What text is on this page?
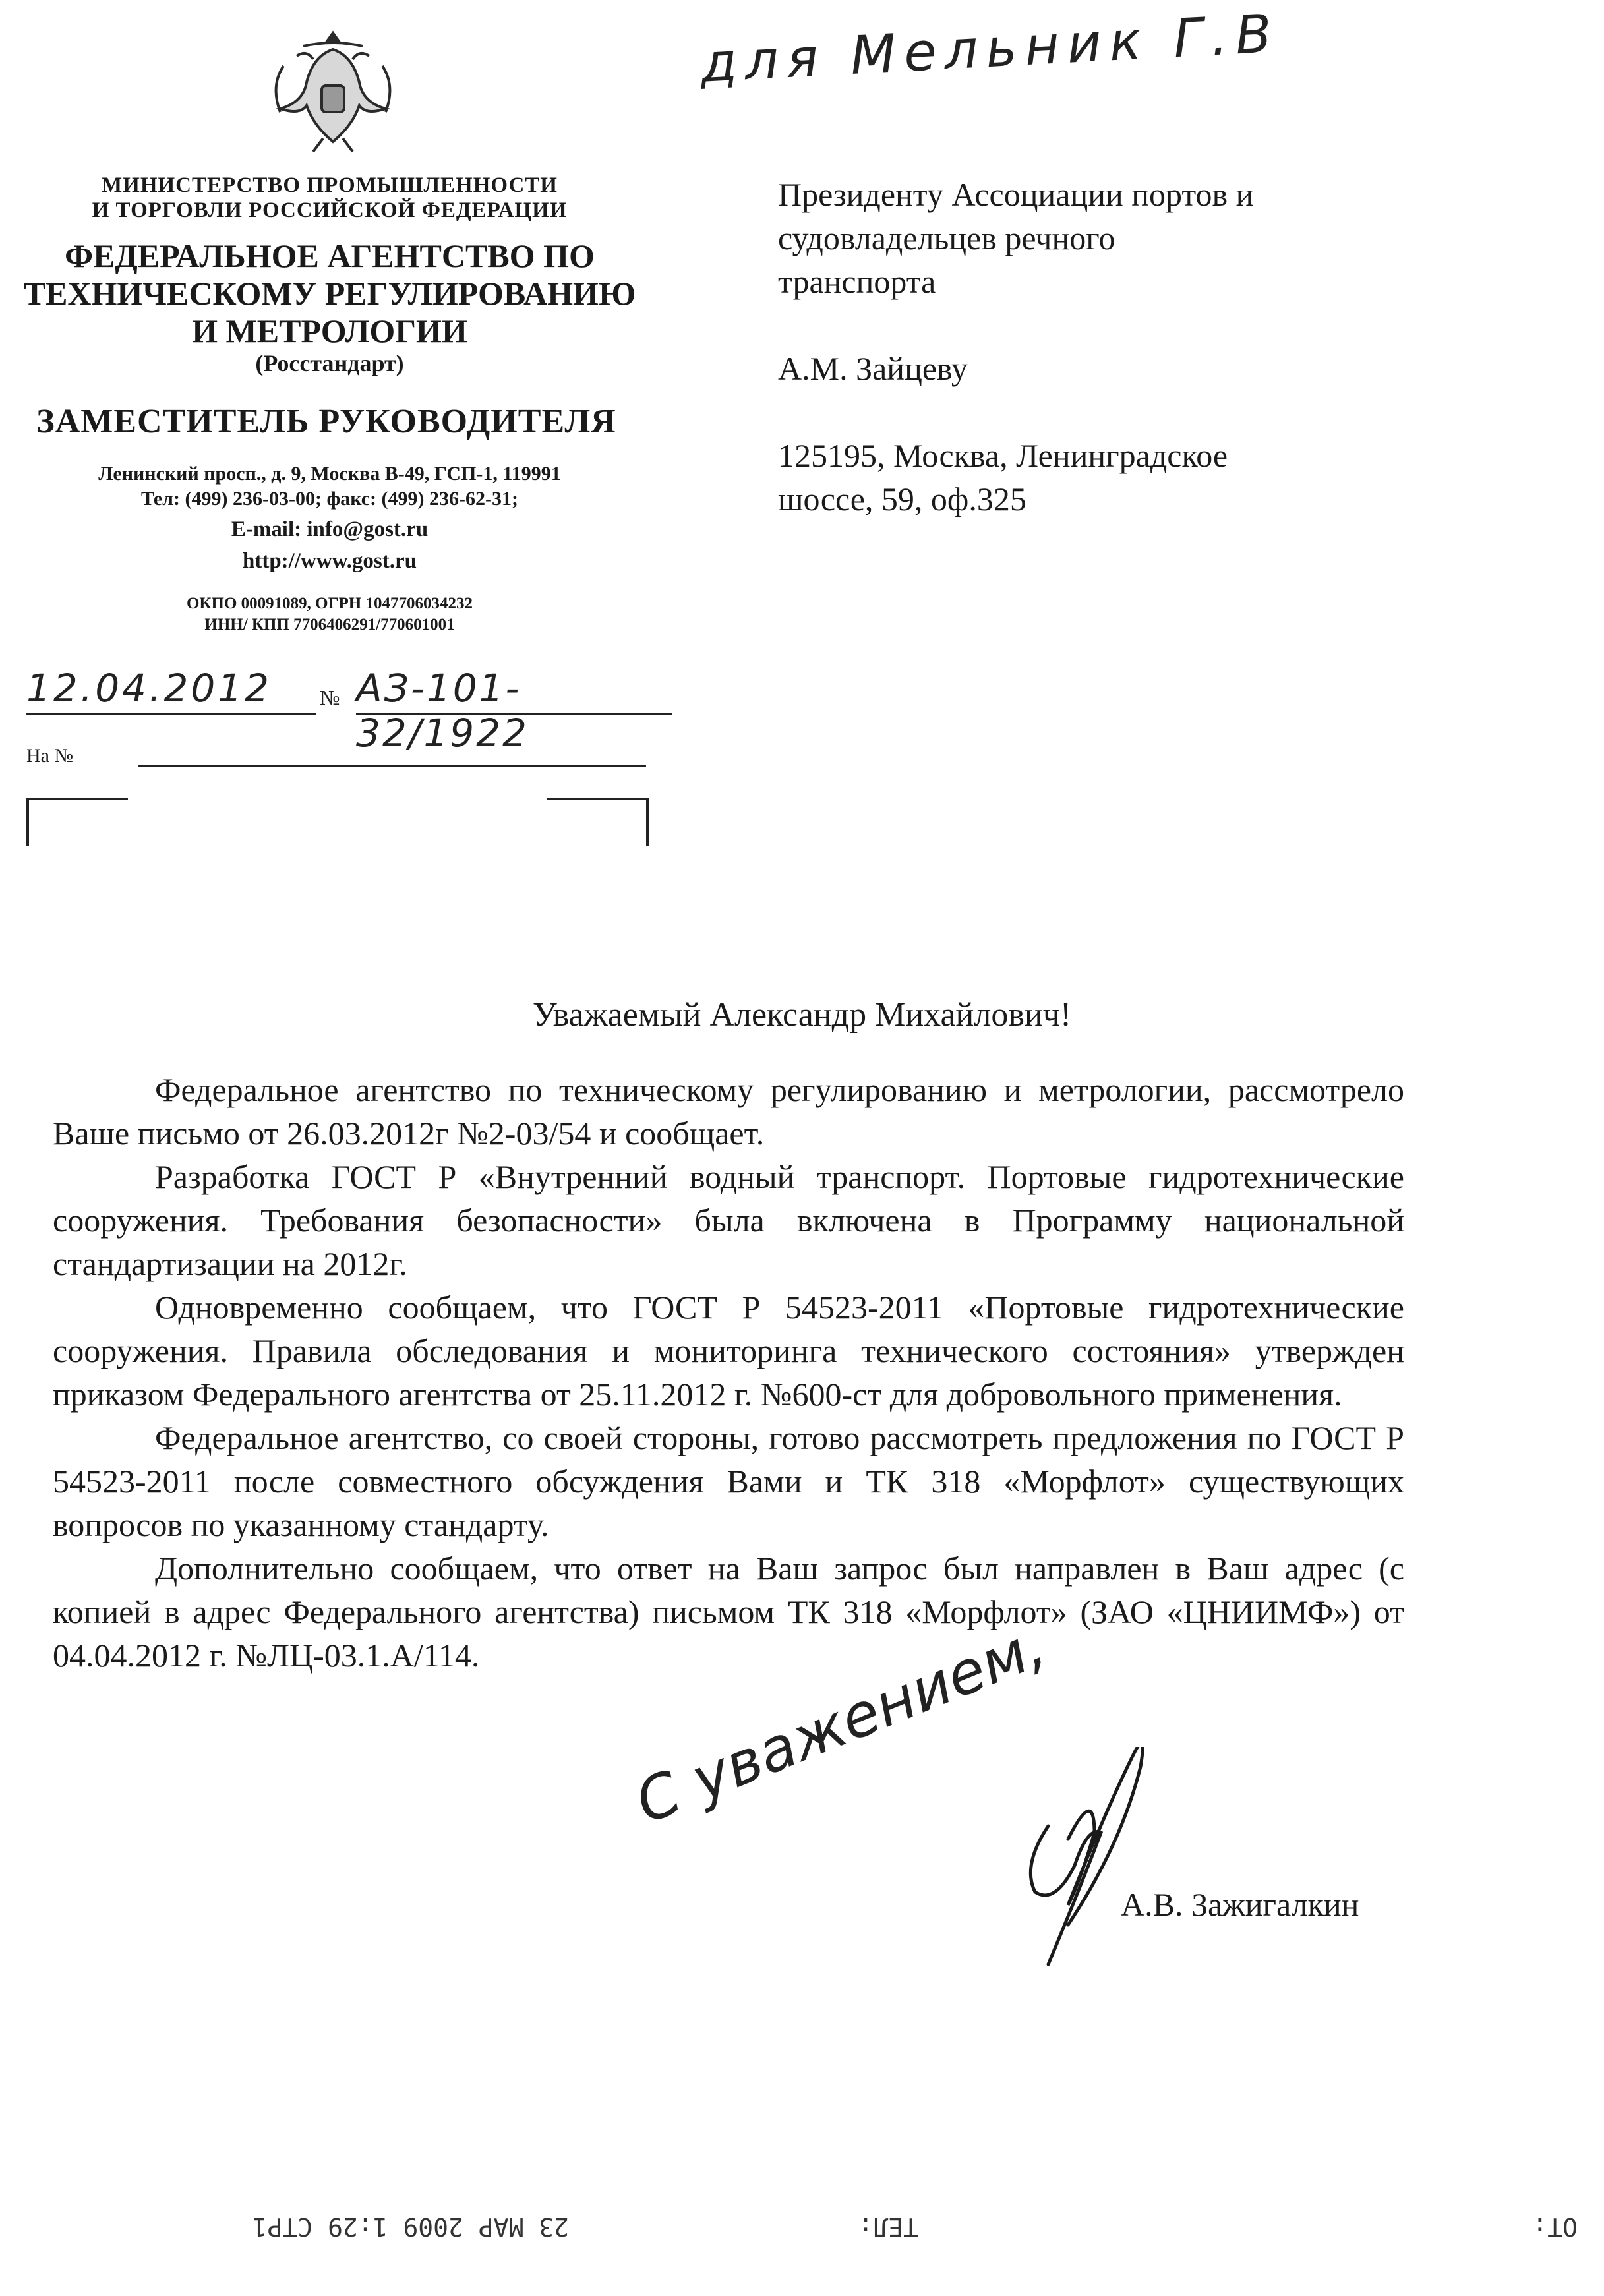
МИНИСТЕРСТВО ПРОМЫШЛЕННОСТИ
И ТОРГОВЛИ РОССИЙСКОЙ ФЕДЕРАЦИИ
ФЕДЕРАЛЬНОЕ АГЕНТСТВО ПО
ТЕХНИЧЕСКОМУ РЕГУЛИРОВАНИЮ
И МЕТРОЛОГИИ
(Росстандарт)
ЗАМЕСТИТЕЛЬ РУКОВОДИТЕЛЯ
Ленинский просп., д. 9, Москва В-49, ГСП-1, 119991
Тел: (499) 236-03-00; факс: (499) 236-62-31;
E-mail: info@gost.ru
http://www.gost.ru
ОКПО 00091089, ОГРН 1047706034232
ИНН/ КПП 7706406291/770601001
12.04.2012 № АЗ-101-32/1922
На №
для Мельник Г.В

Президенту Ассоциации портов и

судовладельцев речного

транспорта

А.М. Зайцеву

125195, Москва, Ленинградское

шоссе, 59, оф.325

Уважаемый Александр Михайлович!

Федеральное агентство по техническому регулированию и метрологии, рассмотрело Ваше письмо от 26.03.2012г №2-03/54 и сообщает.

Разработка ГОСТ Р «Внутренний водный транспорт. Портовые гидротехнические сооружения. Требования безопасности» была включена в Программу национальной стандартизации на 2012г.

Одновременно сообщаем, что ГОСТ Р 54523-2011 «Портовые гидротехнические сооружения. Правила обследования и мониторинга технического состояния» утвержден приказом Федерального агентства от 25.11.2012 г. №600-ст для добровольного применения.

Федеральное агентство, со своей стороны, готово рассмотреть предложения по ГОСТ Р 54523-2011 после совместного обсуждения Вами и ТК 318 «Морфлот» существующих вопросов по указанному стандарту.

Дополнительно сообщаем, что ответ на Ваш запрос был направлен в Ваш адрес (с копией в адрес Федерального агентства) письмом ТК 318 «Морфлот» (ЗАО «ЦНИИМФ») от 04.04.2012 г. №ЛЦ-03.1.А/114.	С уважением,
А.В. Зажигалкин
OT:
TEЛ:
23 MAP 2009 1:29 CTP1
